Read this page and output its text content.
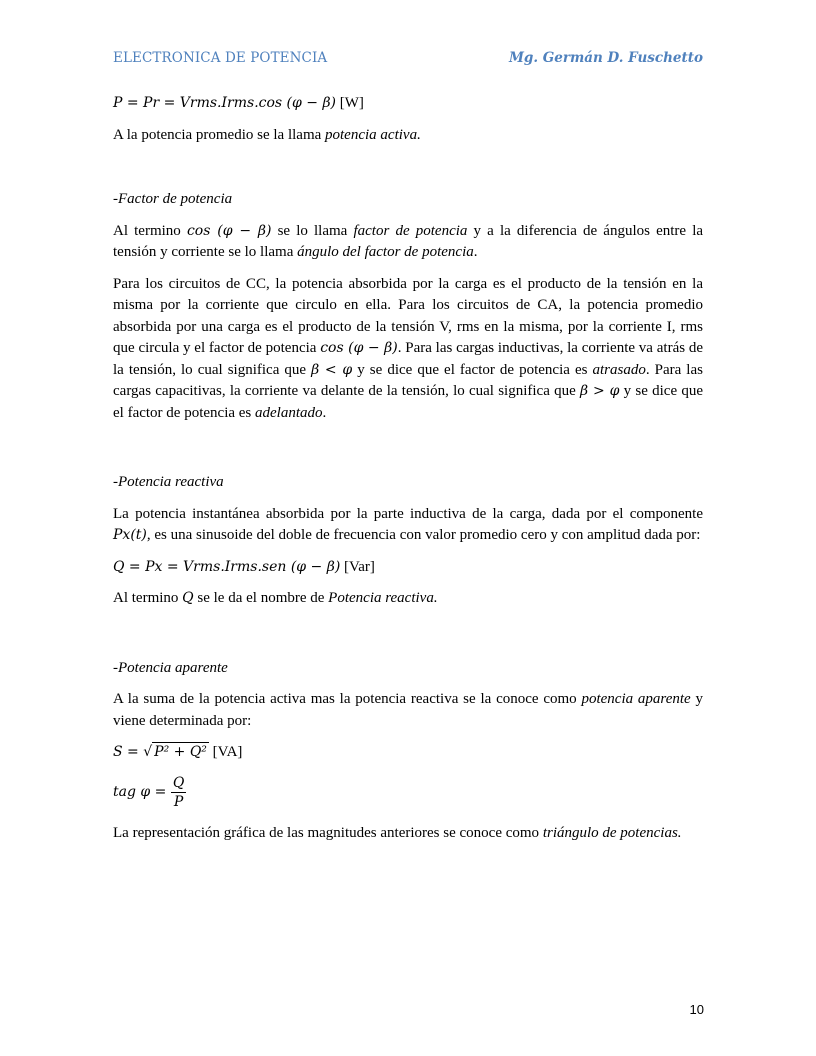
ELECTRONICA DE POTENCIA	Mg. Germán D. Fuschetto

P = Pr = Vrms.Irms.cos (φ − β) [W]

A la potencia promedio se la llama potencia activa.

-Factor de potencia

Al termino cos (φ − β) se lo llama factor de potencia y a la diferencia de ángulos entre la tensión y corriente se lo llama ángulo del factor de potencia.

Para los circuitos de CC, la potencia absorbida por la carga es el producto de la tensión en la misma por la corriente que circulo en ella. Para los circuitos de CA, la potencia promedio absorbida por una carga es el producto de la tensión V, rms en la misma, por la corriente I, rms que circula y el factor de potencia cos (φ − β). Para las cargas inductivas, la corriente va atrás de la tensión, lo cual significa que β < φ y se dice que el factor de potencia es atrasado. Para las cargas capacitivas, la corriente va delante de la tensión, lo cual significa que β > φ y se dice que el factor de potencia es adelantado.

-Potencia reactiva

La potencia instantánea absorbida por la parte inductiva de la carga, dada por el componente Px(t), es una sinusoide del doble de frecuencia con valor promedio cero y con amplitud dada por:

Q = Px = Vrms.Irms.sen (φ − β) [Var]

Al termino Q se le da el nombre de Potencia reactiva.

-Potencia aparente

A la suma de la potencia activa mas la potencia reactiva se la conoce como potencia aparente y viene determinada por:

S = √ P² + Q² [VA]

tag $\varphi = \frac{Q}{P}$

La representación gráfica de las magnitudes anteriores se conoce como triángulo de potencias.

10
